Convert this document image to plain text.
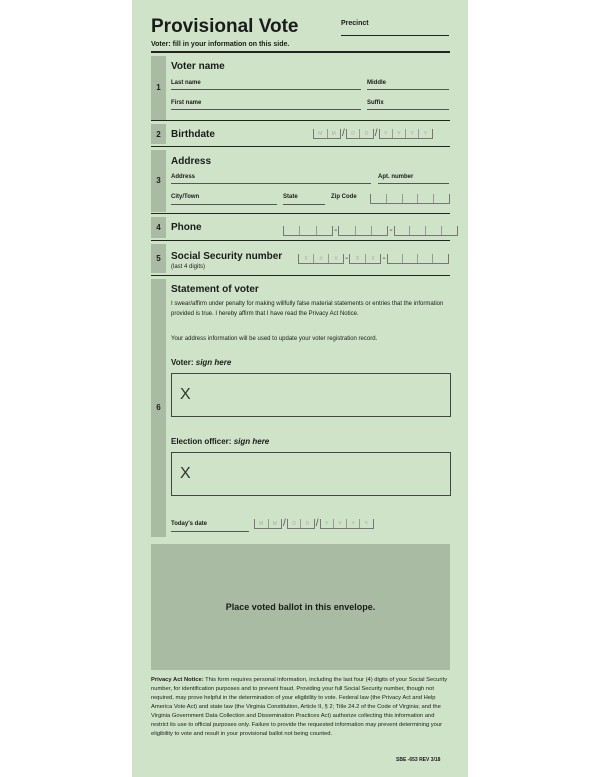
Provisional Vote	Precinct
Voter: fill in your information on this side.
1
Voter name
Last name	Middle
First name	Suffix
2	Birthdate	M	M /	D	D /	Y	Y	Y	Y
3
Address
Address	Apt. number
City/Town	State	Zip Code
4	Phone	-	-
5	Social Security number
(last 4 digits)
X	X	X -	X	X -
6
Statement of voter
I swear/affirm under penalty for making willfully false material statements or entries that the information provided is true. I hereby affirm that I have read the Privacy Act Notice.
Your address information will be used to update your voter registration record.
Voter: sign here
X
Election officer: sign here
X
Today's date	M	M /	D	D /	Y	Y	Y	Y
Place voted ballot in this envelope.
Privacy Act Notice: This form requires personal information, including the last four (4) digits of your Social Security number, for identification purposes and to prevent fraud. Providing your full Social Security number, though not required, may prove helpful in the determination of your eligibility to vote. Federal law (the Privacy Act and Help America Vote Act) and state law (the Virginia Constitution, Article II, § 2; Title 24.2 of the Code of Virginia; and the Virginia Government Data Collection and Dissemination Practices Act) authorize collecting this information and restrict its use to official purposes only. Failure to provide the requested information may prevent determining your eligibility to vote and result in your provisional ballot not being counted.
SBE -653 REV 3/18
